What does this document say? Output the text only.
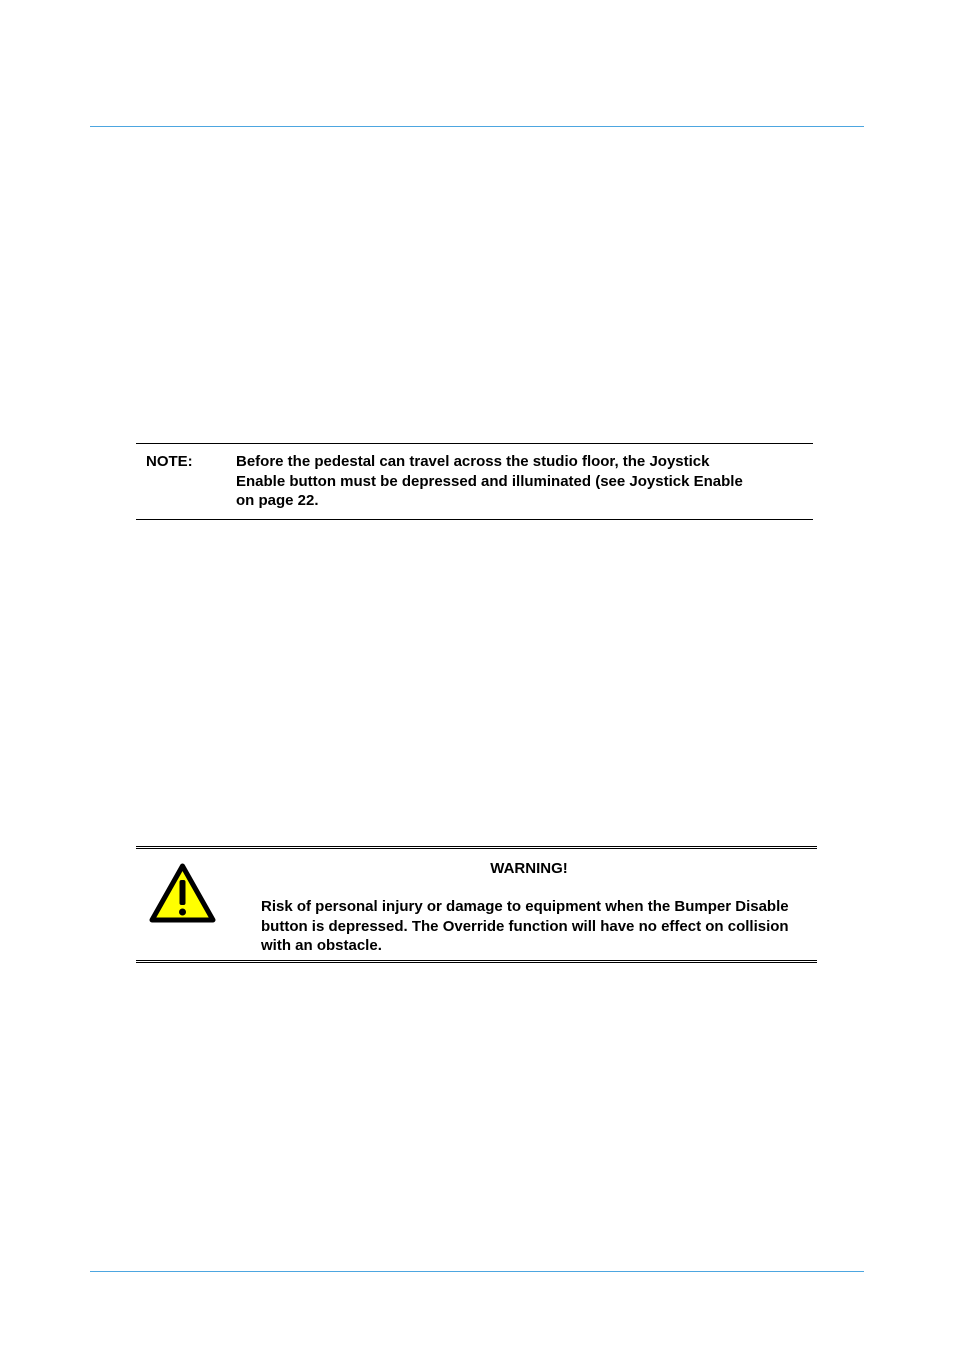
NOTE:	Before the pedestal can travel across the studio floor, the Joystick Enable button must be depressed and illuminated (see Joystick Enable on page 22.
WARNING!
Risk of personal injury or damage to equipment when the Bumper Disable button is depressed. The Override function will have no effect on collision with an obstacle.
